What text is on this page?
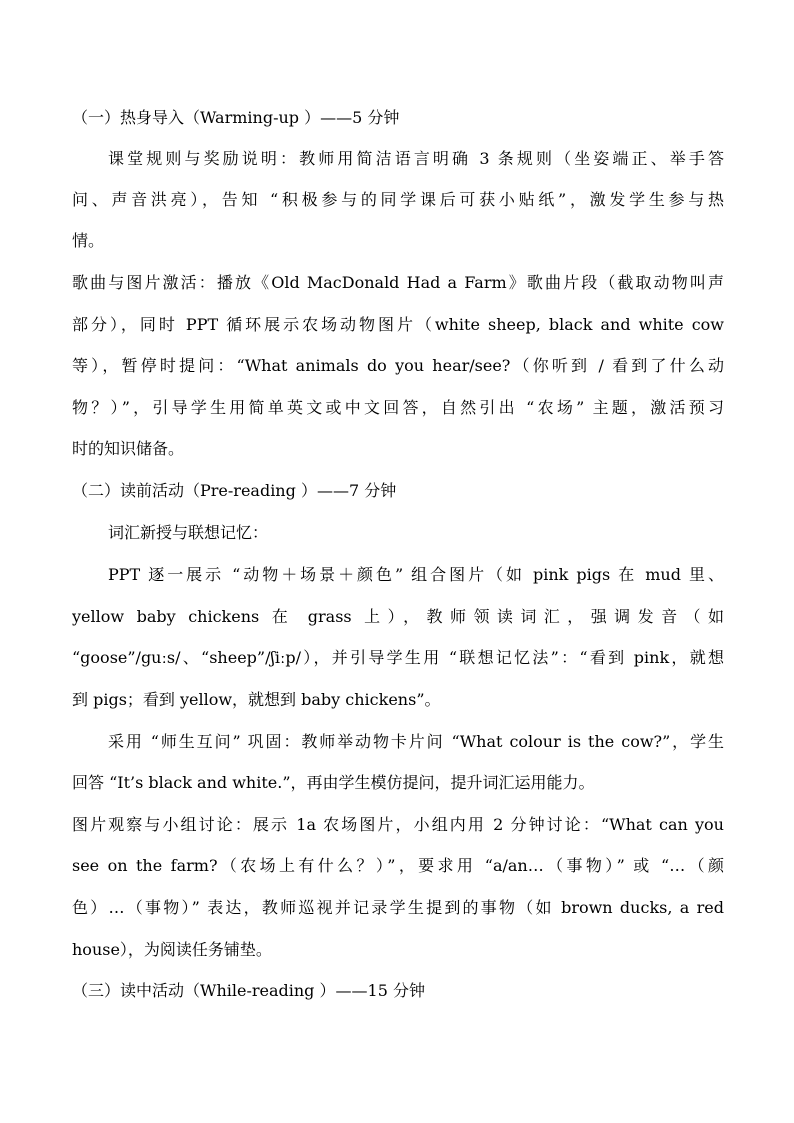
（一）热身导入（Warming-up ）——5 分钟
课堂规则与奖励说明：教师用简洁语言明确 3 条规则（坐姿端正、举手答
问、声音洪亮），告知 “积极参与的同学课后可获小贴纸”，激发学生参与热
情。
歌曲与图片激活：播放《Old MacDonald Had a Farm》歌曲片段（截取动物叫声
部分），同时 PPT 循环展示农场动物图片（white sheep, black and white cow
等），暂停时提问：“What animals do you hear/see?（你听到 / 看到了什么动
物？）”，引导学生用简单英文或中文回答，自然引出 “农场” 主题，激活预习
时的知识储备。
（二）读前活动（Pre-reading ）——7 分钟
词汇新授与联想记忆：
PPT 逐一展示 “动物＋场景＋颜色” 组合图片（如 pink pigs 在 mud 里、
yellow baby chickens 在 grass 上），教师领读词汇，强调发音（如
“goose”/guːs/、“sheep”/ʃiːp/），并引导学生用 “联想记忆法”：“看到 pink，就想
到 pigs；看到 yellow，就想到 baby chickens”。
采用 “师生互问” 巩固：教师举动物卡片问 “What colour is the cow?”，学生
回答 “It’s black and white.”，再由学生模仿提问，提升词汇运用能力。
图片观察与小组讨论：展示 1a 农场图片，小组内用 2 分钟讨论：“What can you
see on the farm?（农场上有什么？）”，要求用 “a/an…（事物）” 或 “…（颜
色）…（事物）” 表达，教师巡视并记录学生提到的事物（如 brown ducks, a red
house），为阅读任务铺垫。
（三）读中活动（While-reading ）——15 分钟
